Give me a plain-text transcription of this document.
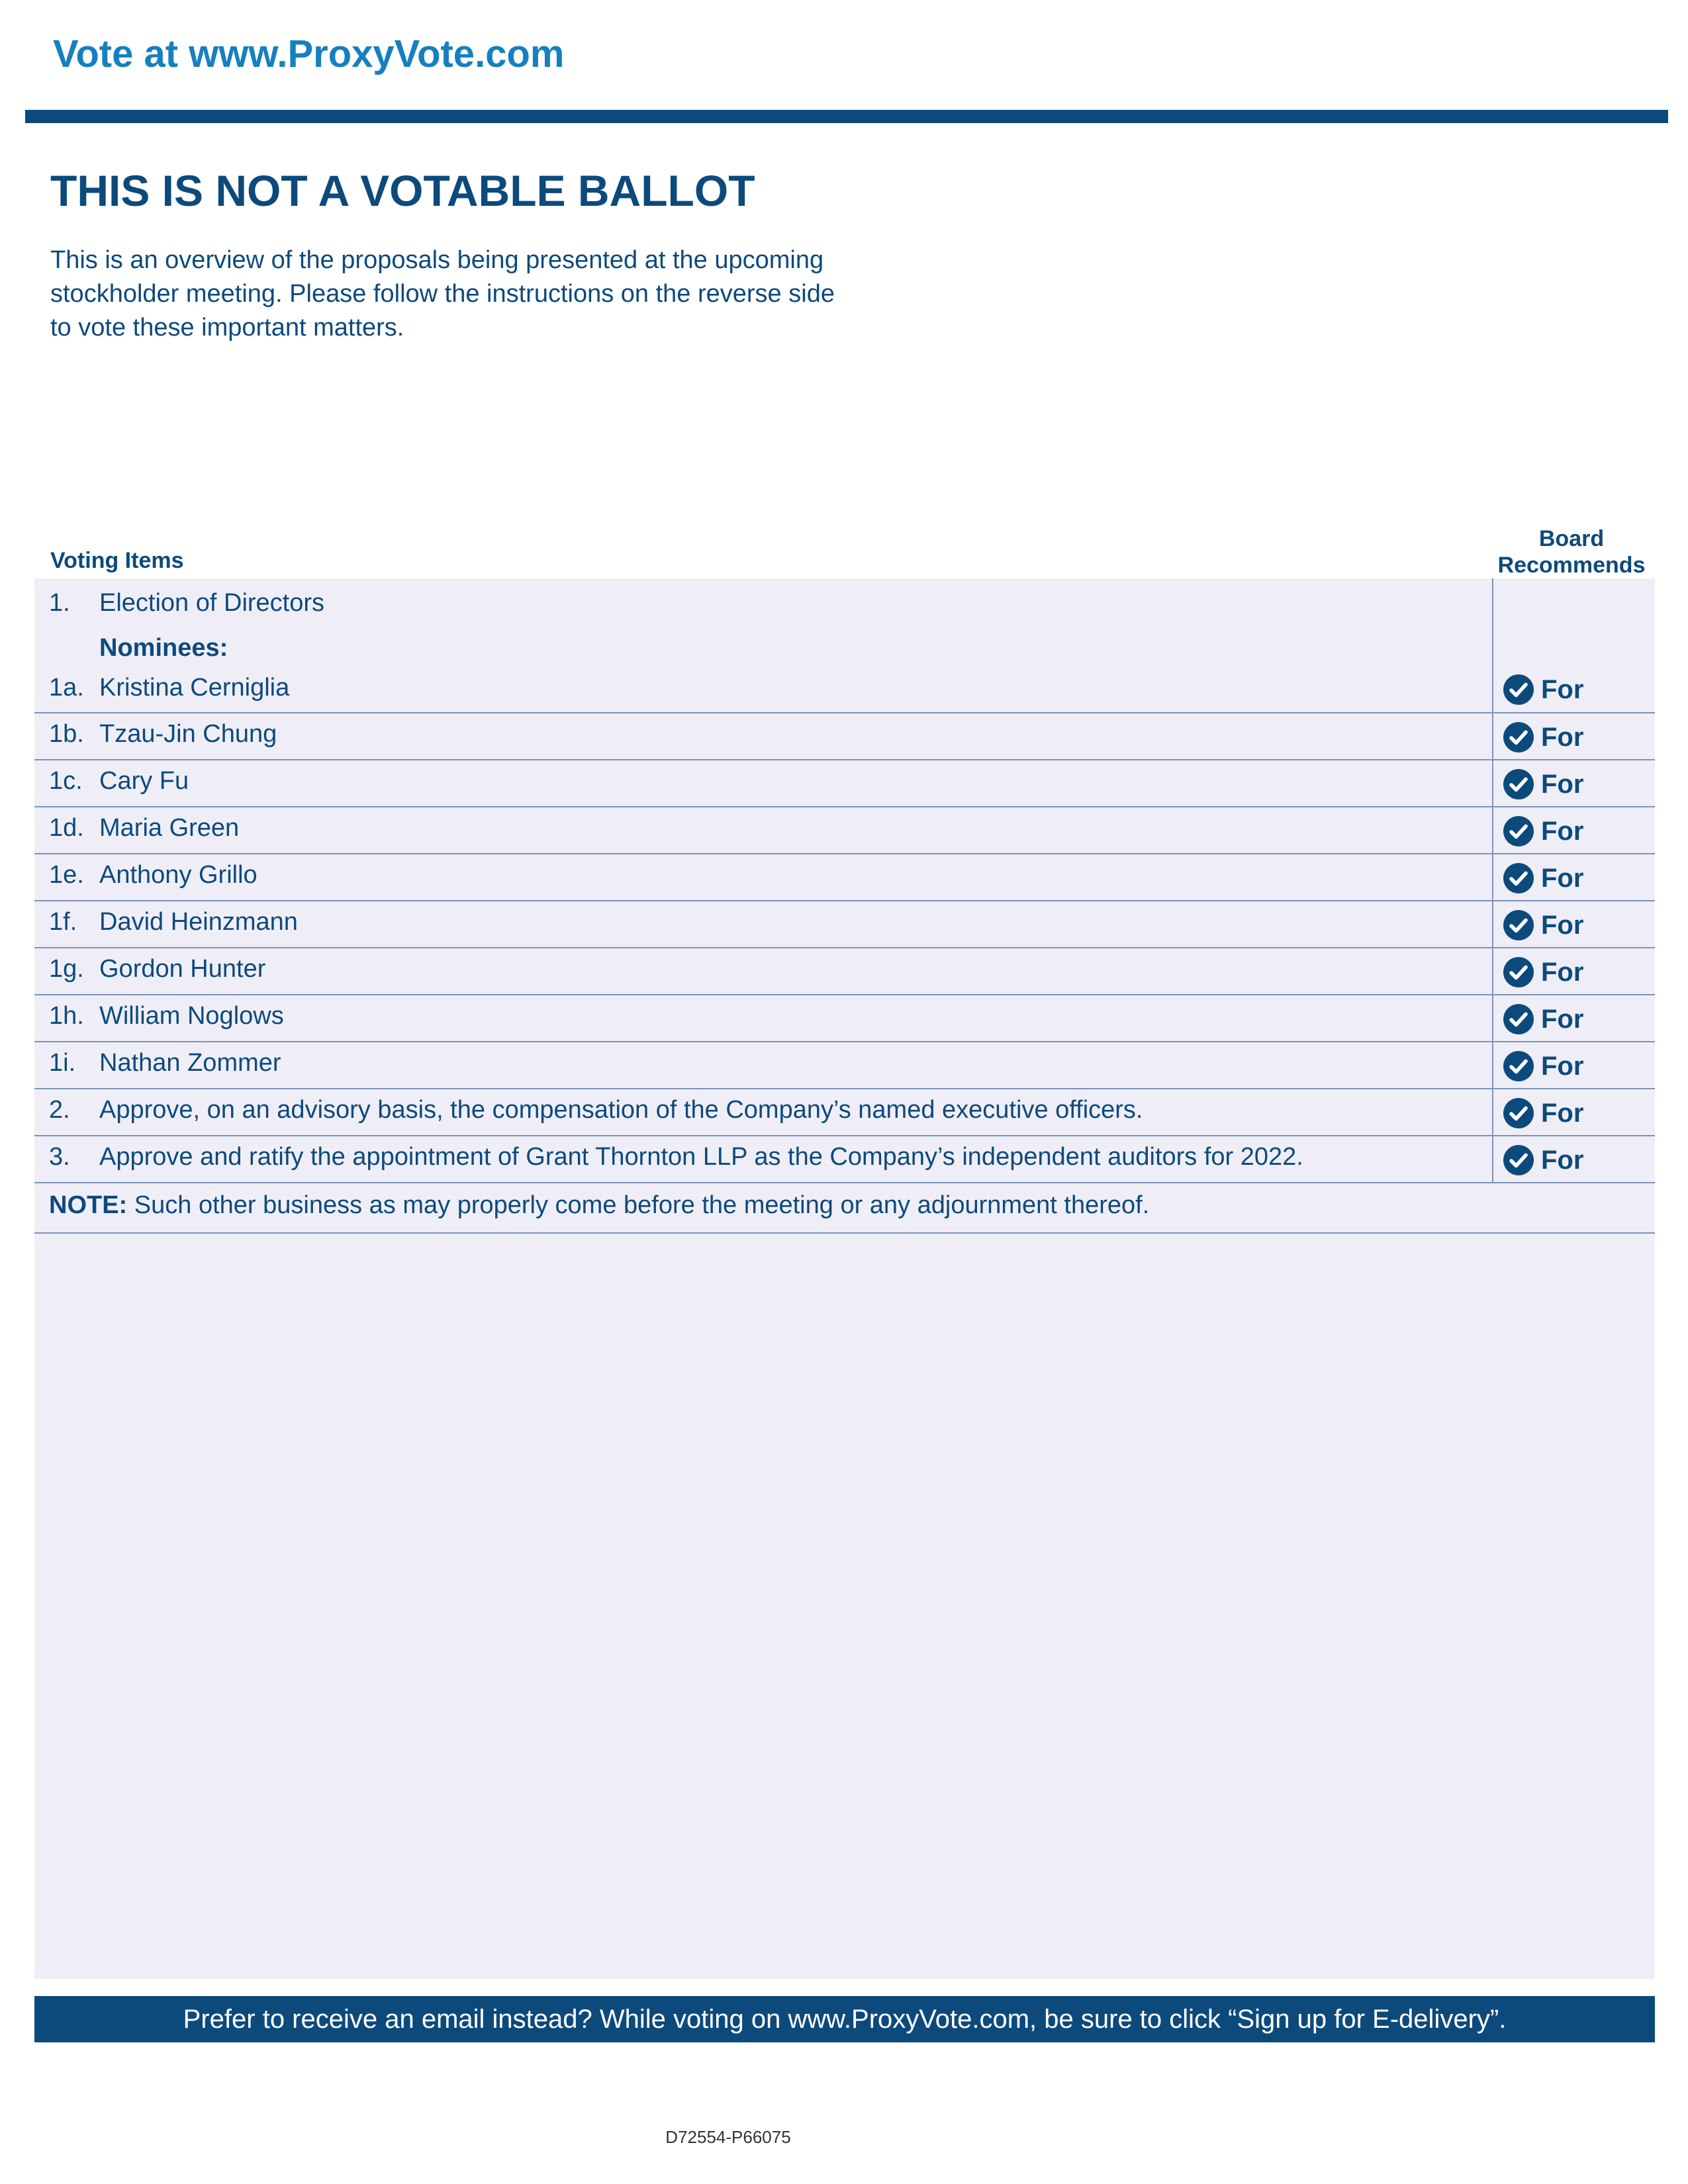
Vote at www.ProxyVote.com
THIS IS NOT A VOTABLE BALLOT

This is an overview of the proposals being presented at the upcoming stockholder meeting. Please follow the instructions on the reverse side to vote these important matters.

Voting Items
Board
Recommends
1. Election of Directors
Nominees:
1a. Kristina Cerniglia	For
1b. Tzau-Jin Chung	For
1c. Cary Fu	For
1d. Maria Green	For
1e. Anthony Grillo	For
1f. David Heinzmann	For
1g. Gordon Hunter	For
1h. William Noglows	For
1i. Nathan Zommer	For
2. Approve, on an advisory basis, the compensation of the Company’s named executive officers.	For
3. Approve and ratify the appointment of Grant Thornton LLP as the Company’s independent auditors for 2022.	For
NOTE: Such other business as may properly come before the meeting or any adjournment thereof.
Prefer to receive an email instead? While voting on www.ProxyVote.com, be sure to click “Sign up for E-delivery”.
D72554-P66075
